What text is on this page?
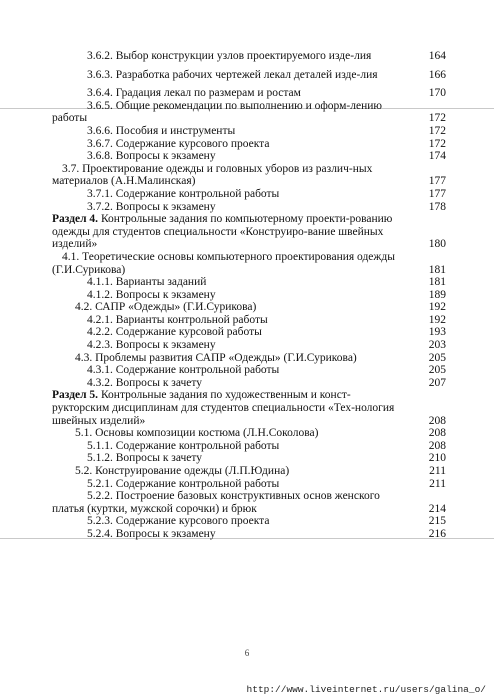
3.6.2. Выбор конструкции узлов проектируемого изде-лия	164
3.6.3. Разработка рабочих чертежей лекал деталей изде-лия	166
3.6.4. Градация лекал по размерам и ростам	170
3.6.5. Общие рекомендации по выполнению и оформ-лению работы	172
3.6.6. Пособия и инструменты	172
3.6.7. Содержание курсового проекта	172
3.6.8. Вопросы к экзамену	174
3.7. Проектирование одежды и головных уборов из различ-ных материалов (А.Н.Малинская)	177
3.7.1. Содержание контрольной работы	177
3.7.2. Вопросы к экзамену	178
Раздел 4. Контрольные задания по компьютерному проекти-рованию одежды для студентов специальности «Конструиро-вание швейных изделий»	180
4.1. Теоретические основы компьютерного проектирования одежды (Г.И.Сурикова)	181
4.1.1. Варианты заданий	181
4.1.2. Вопросы к экзамену	189
4.2. САПР «Одежды» (Г.И.Сурикова)	192
4.2.1. Варианты контрольной работы	192
4.2.2. Содержание курсовой работы	193
4.2.3. Вопросы к экзамену	203
4.3. Проблемы развития САПР «Одежды» (Г.И.Сурикова)	205
4.3.1. Содержание контрольной работы	205
4.3.2. Вопросы к зачету	207
Раздел 5. Контрольные задания по художественным и конст-рукторским дисциплинам для студентов специальности «Тех-нология швейных изделий»	208
5.1. Основы композиции костюма (Л.Н.Соколова)	208
5.1.1. Содержание контрольной работы	208
5.1.2. Вопросы к зачету	210
5.2. Конструирование одежды (Л.П.Юдина)	211
5.2.1. Содержание контрольной работы	211
5.2.2. Построение базовых конструктивных основ женского платья (куртки, мужской сорочки) и брюк	214
5.2.3. Содержание курсового проекта	215
5.2.4. Вопросы к экзамену	216
6
http://www.liveinternet.ru/users/galina_o/
